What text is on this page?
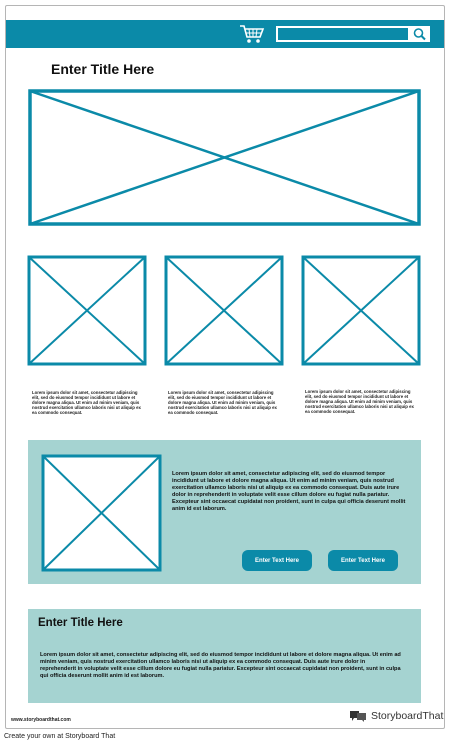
Enter Title Here
Lorem ipsum dolor sit amet, consectetur adipiscing elit, sed do eiusmod tempor incididunt ut labore et dolore magna aliqua. Ut enim ad minim veniam, quis nostrud exercitation ullamco laboris nisi ut aliquip ex ea commodo consequat.
Lorem ipsum dolor sit amet, consectetur adipiscing elit, sed do eiusmod tempor incididunt ut labore et dolore magna aliqua. Ut enim ad minim veniam, quis nostrud exercitation ullamco laboris nisi ut aliquip ex ea commodo consequat.
Lorem ipsum dolor sit amet, consectetur adipiscing elit, sed do eiusmod tempor incididunt ut labore et dolore magna aliqua. Ut enim ad minim veniam, quis nostrud exercitation ullamco laboris nisi ut aliquip ex ea commodo consequat.
Lorem ipsum dolor sit amet, consectetur adipiscing elit, sed do eiusmod tempor incididunt ut labore et dolore magna aliqua. Ut enim ad minim veniam, quis nostrud exercitation ullamco laboris nisi ut aliquip ex ea commodo consequat. Duis aute irure dolor in reprehenderit in voluptate velit esse cillum dolore eu fugiat nulla pariatur. Excepteur sint occaecat cupidatat non proident, sunt in culpa qui officia deserunt mollit anim id est laborum.
Enter Text Here	Enter Text Here
Enter Title Here
Lorem ipsum dolor sit amet, consectetur adipiscing elit, sed do eiusmod tempor incididunt ut labore et dolore magna aliqua. Ut enim ad minim veniam, quis nostrud exercitation ullamco laboris nisi ut aliquip ex ea commodo consequat. Duis aute irure dolor in reprehenderit in voluptate velit esse cillum dolore eu fugiat nulla pariatur. Excepteur sint occaecat cupidatat non proident, sunt in culpa qui officia deserunt mollit anim id est laborum.
www.storyboardthat.com	StoryboardThat
Create your own at Storyboard That
